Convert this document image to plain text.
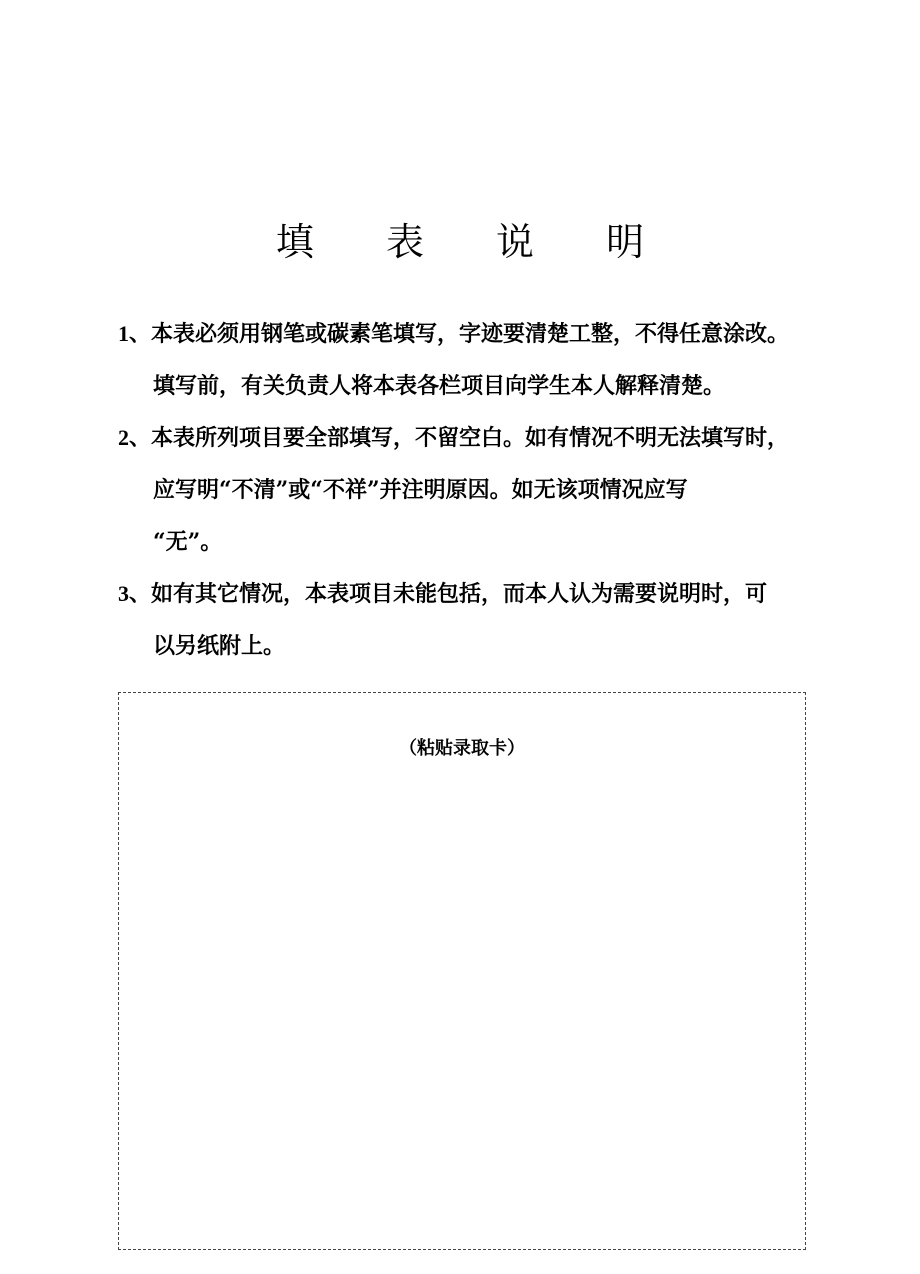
填 表 说 明
1、本表必须用钢笔或碳素笔填写，字迹要清楚工整，不得任意涂改。
填写前，有关负责人将本表各栏项目向学生本人解释清楚。
2、本表所列项目要全部填写，不留空白。如有情况不明无法填写时，
应写明“不清”或“不祥”并注明原因。如无该项情况应写
“无”。
3、如有其它情况，本表项目未能包括，而本人认为需要说明时，可
以另纸附上。
（粘贴录取卡）
